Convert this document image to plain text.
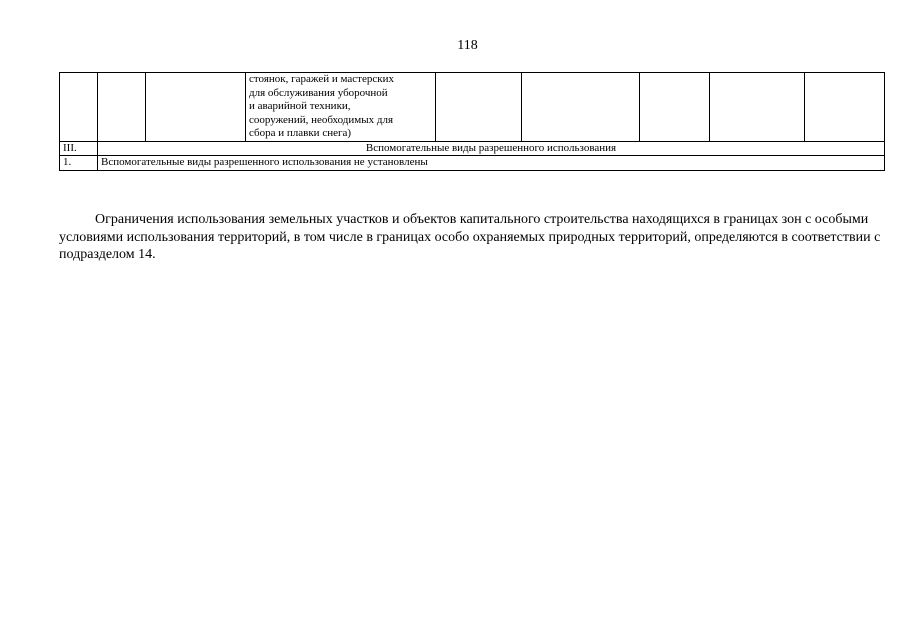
118

			стоянок, гаражей и мастерских
для обслуживания уборочной
и аварийной техники,
сооружений, необходимых для
сбора и плавки снега)					

III.	Вспомогательные виды разрешенного использования							
1.	Вспомогательные виды разрешенного использования не установлены							

Ограничения использования земельных участков и объектов капитального строительства находящихся в границах зон с особыми условиями использования территорий, в том числе в границах особо охраняемых природных территорий, определяются в соответствии с подразделом 14.
